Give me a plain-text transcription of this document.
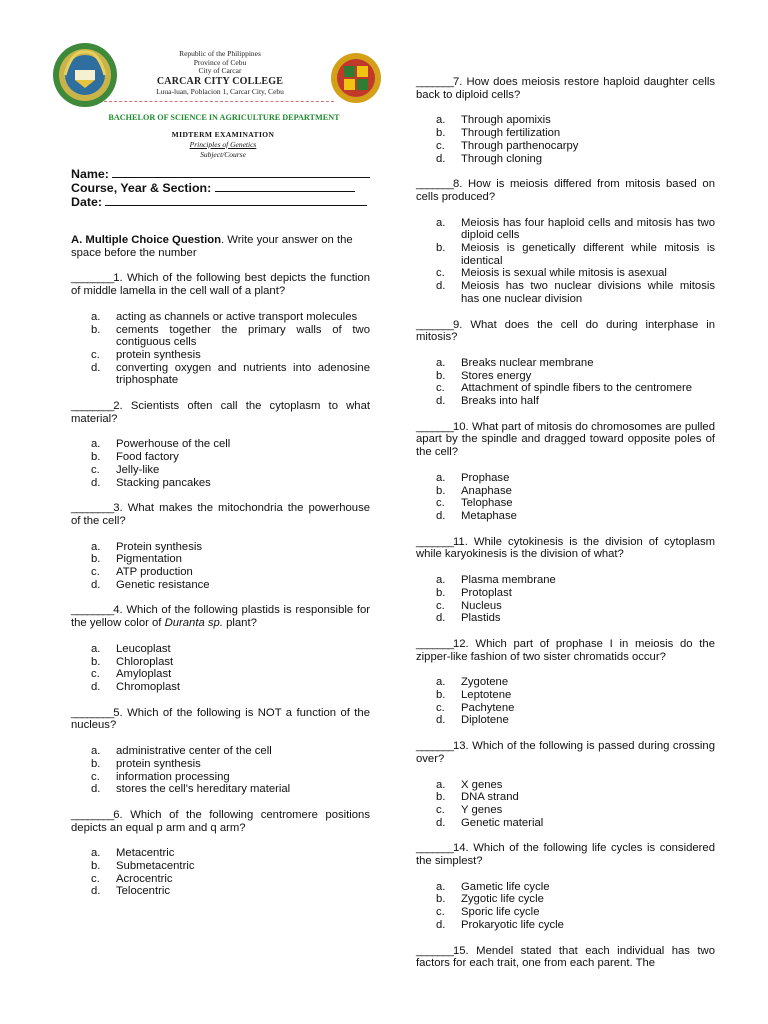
Republic of the Philippines
Province of Cebu
City of Carcar
CARCAR CITY COLLEGE
Luua-luan, Poblacion 1, Carcar City, Cebu
BACHELOR OF SCIENCE IN AGRICULTURE DEPARTMENT
MIDTERM EXAMINATION
Principles of Genetics
Subject/Course
Name:
Course, Year & Section:
Date:
A. Multiple Choice Question. Write your answer on the space before the number
________1. Which of the following best depicts the function of middle lamella in the cell wall of a plant?
a.	acting as channels or active transport molecules
b.	cements together the primary walls of two contiguous cells
c.	protein synthesis
d.	converting oxygen and nutrients into adenosine triphosphate
________2. Scientists often call the cytoplasm to what material?
a.	Powerhouse of the cell
b.	Food factory
c.	Jelly-like
d.	Stacking pancakes
________3. What makes the mitochondria the powerhouse of the cell?
a.	Protein synthesis
b.	Pigmentation
c.	ATP production
d.	Genetic resistance
________4. Which of the following plastids is responsible for the yellow color of Duranta sp. plant?
a.	Leucoplast
b.	Chloroplast
c.	Amyloplast
d.	Chromoplast
________5. Which of the following is NOT a function of the nucleus?
a.	administrative center of the cell
b.	protein synthesis
c.	information processing
d.	stores the cell's hereditary material
________6. Which of the following centromere positions depicts an equal p arm and q arm?
a.	Metacentric
b.	Submetacentric
c.	Acrocentric
d.	Telocentric
_______7. How does meiosis restore haploid daughter cells back to diploid cells?
a.	Through apomixis
b.	Through fertilization
c.	Through parthenocarpy
d.	Through cloning
_______8. How is meiosis differed from mitosis based on cells produced?
a.	Meiosis has four haploid cells and mitosis has two diploid cells
b.	Meiosis is genetically different while mitosis is identical
c.	Meiosis is sexual while mitosis is asexual
d.	Meiosis has two nuclear divisions while mitosis has one nuclear division
_______9. What does the cell do during interphase in mitosis?
a.	Breaks nuclear membrane
b.	Stores energy
c.	Attachment of spindle fibers to the centromere
d.	Breaks into half
_______10. What part of mitosis do chromosomes are pulled apart by the spindle and dragged toward opposite poles of the cell?
a.	Prophase
b.	Anaphase
c.	Telophase
d.	Metaphase
_______11. While cytokinesis is the division of cytoplasm while karyokinesis is the division of what?
a.	Plasma membrane
b.	Protoplast
c.	Nucleus
d.	Plastids
_______12. Which part of prophase I in meiosis do the zipper-like fashion of two sister chromatids occur?
a.	Zygotene
b.	Leptotene
c.	Pachytene
d.	Diplotene
_______13. Which of the following is passed during crossing over?
a.	X genes
b.	DNA strand
c.	Y genes
d.	Genetic material
_______14. Which of the following life cycles is considered the simplest?
a.	Gametic life cycle
b.	Zygotic life cycle
c.	Sporic life cycle
d.	Prokaryotic life cycle
_______15. Mendel stated that each individual has two factors for each trait, one from each parent. The
